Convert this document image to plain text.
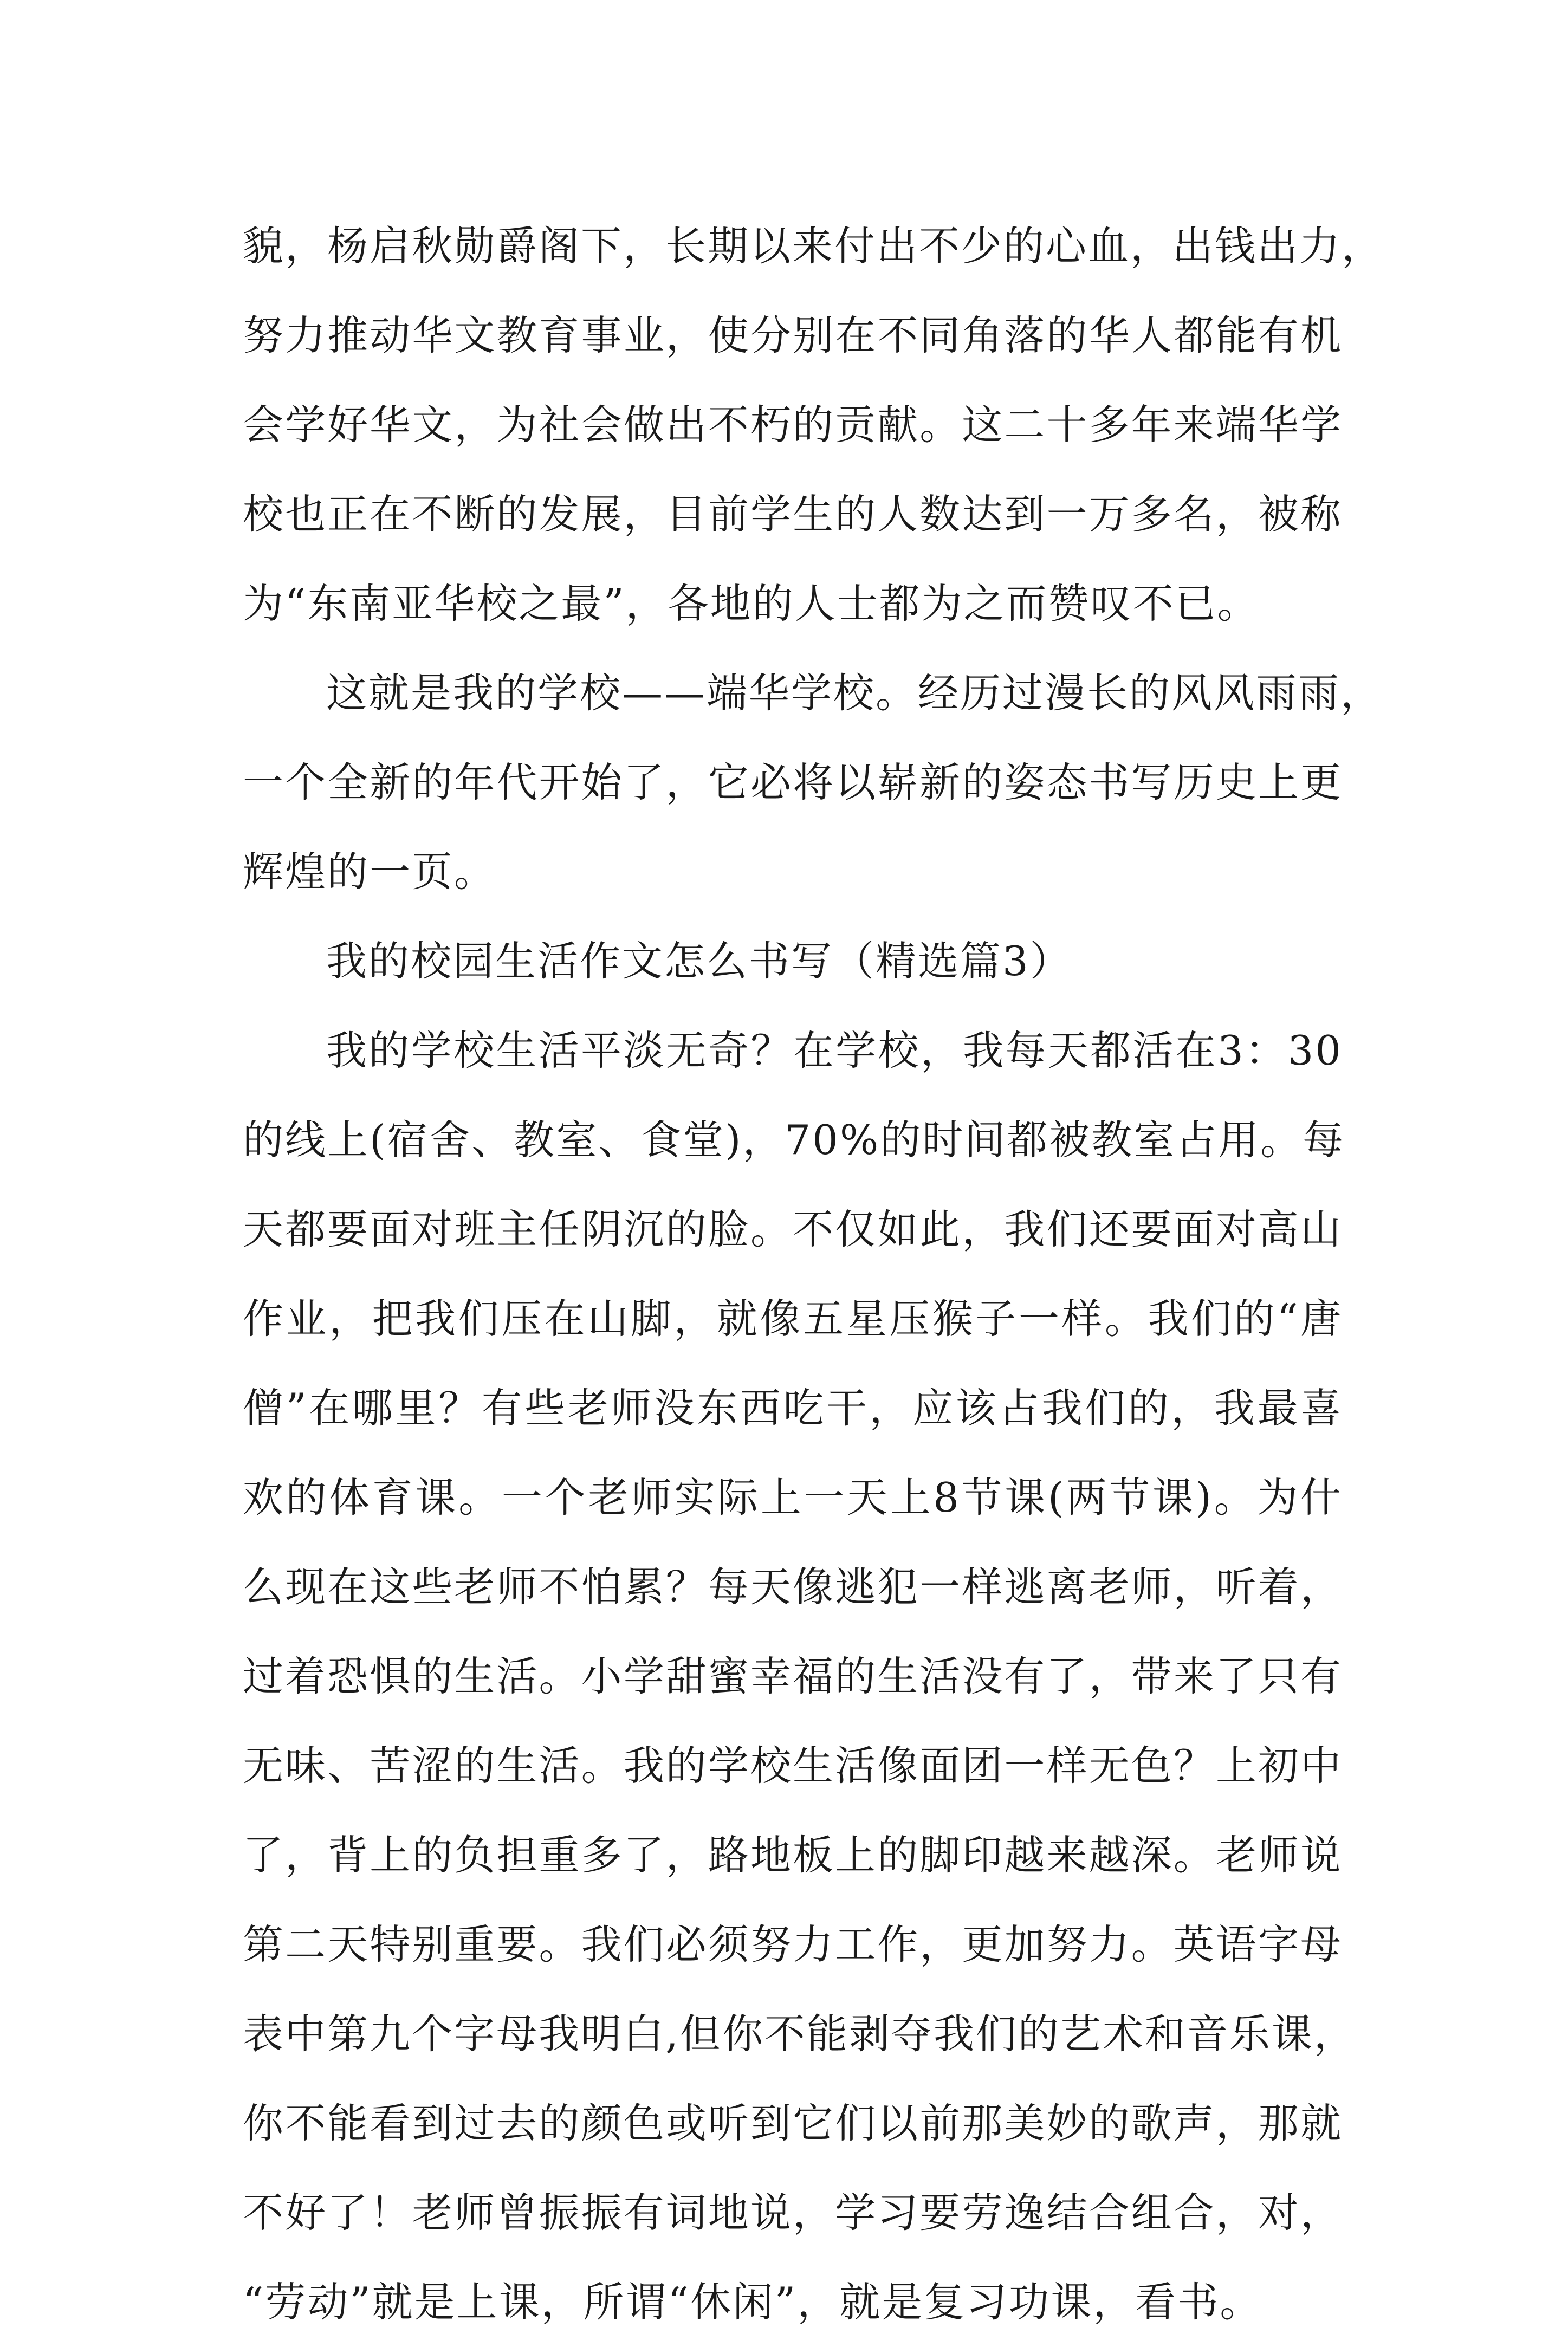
貌，杨启秋勋爵阁下，长期以来付出不少的心血，出钱出力，
努力推动华文教育事业，使分别在不同角落的华人都能有机
会学好华文，为社会做出不朽的贡献。这二十多年来端华学
校也正在不断的发展，目前学生的人数达到一万多名，被称
为“东南亚华校之最”，各地的人士都为之而赞叹不已。
这就是我的学校——端华学校。经历过漫长的风风雨雨，
一个全新的年代开始了，它必将以崭新的姿态书写历史上更
辉煌的一页。
我的校园生活作文怎么书写（精选篇3）
我的学校生活平淡无奇？在学校，我每天都活在3：30
的线上(宿舍、教室、食堂)，70%的时间都被教室占用。每
天都要面对班主任阴沉的脸。不仅如此，我们还要面对高山
作业，把我们压在山脚，就像五星压猴子一样。我们的“唐
僧”在哪里？有些老师没东西吃干，应该占我们的，我最喜
欢的体育课。一个老师实际上一天上8节课(两节课)。为什
么现在这些老师不怕累？每天像逃犯一样逃离老师，听着，
过着恐惧的生活。小学甜蜜幸福的生活没有了，带来了只有
无味、苦涩的生活。我的学校生活像面团一样无色？上初中
了，背上的负担重多了，路地板上的脚印越来越深。老师说
第二天特别重要。我们必须努力工作，更加努力。英语字母
表中第九个字母我明白,但你不能剥夺我们的艺术和音乐课，
你不能看到过去的颜色或听到它们以前那美妙的歌声，那就
不好了！老师曾振振有词地说，学习要劳逸结合组合，对，
“劳动”就是上课，所谓“休闲”，就是复习功课，看书。
